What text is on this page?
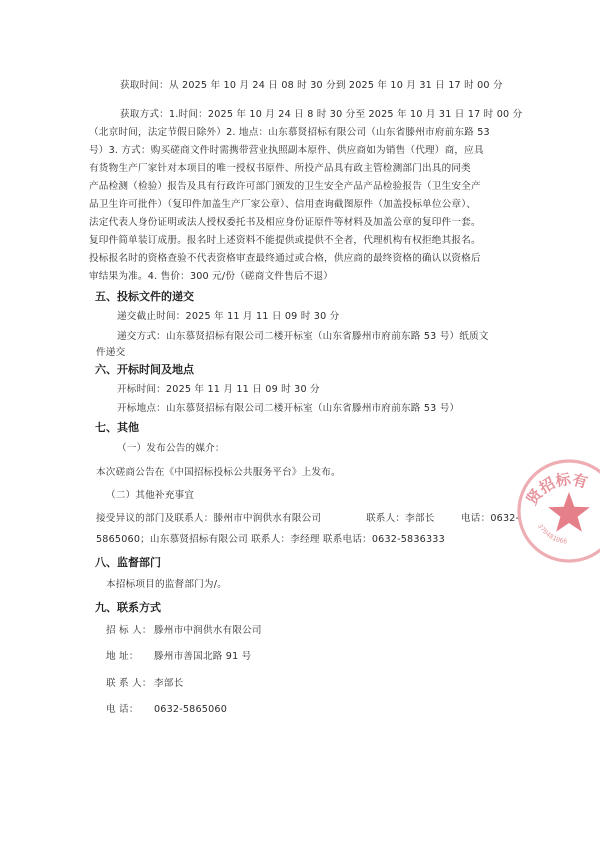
获取时间：从 2025 年 10 月 24 日 08 时 30 分到 2025 年 10 月 31 日 17 时 00 分
获取方式：1.时间：2025 年 10 月 24 日 8 时 30 分至 2025 年 10 月 31 日 17 时 00 分
（北京时间，法定节假日除外）2. 地点：山东慕贤招标有限公司（山东省滕州市府前东路 53
号）3. 方式：购买磋商文件时需携带营业执照副本原件、供应商如为销售（代理）商，应具
有货物生产厂家针对本项目的唯一授权书原件、所投产品具有政主管检测部门出具的同类
产品检测（检验）报告及具有行政许可部门颁发的卫生安全产品产品检验报告（卫生安全产
品卫生许可批件）（复印件加盖生产厂家公章）、信用查询截图原件（加盖投标单位公章）、
法定代表人身份证明或法人授权委托书及相应身份证原件等材料及加盖公章的复印件一套。
复印件简单装订成册。报名时上述资料不能提供或提供不全者，代理机构有权拒绝其报名。
投标报名时的资格查验不代表资格审查最终通过或合格，供应商的最终资格的确认以资格后
审结果为准。4. 售价：300 元/份（磋商文件售后不退）
五、投标文件的递交
递交截止时间：2025 年 11 月 11 日 09 时 30 分
递交方式：山东慕贤招标有限公司二楼开标室（山东省滕州市府前东路 53 号）纸质文
件递交
六、开标时间及地点
开标时间：2025 年 11 月 11 日 09 时 30 分
开标地点：山东慕贤招标有限公司二楼开标室（山东省滕州市府前东路 53 号）
七、其他
（一）发布公告的媒介：
本次磋商公告在《中国招标投标公共服务平台》上发布。
（二）其他补充事宜
接受异议的部门及联系人：滕州市中润供水有限公司	联系人：李部长	电话：0632-
5865060；山东慕贤招标有限公司 联系人：李经理 联系电话：0632-5836333
八、监督部门
本招标项目的监督部门为/。
九、联系方式
招 标 人： 滕州市中润供水有限公司
地 址： 滕州市善国北路 91 号
联 系 人： 李部长
电 话： 0632-5865060
贤招标有
370481066
